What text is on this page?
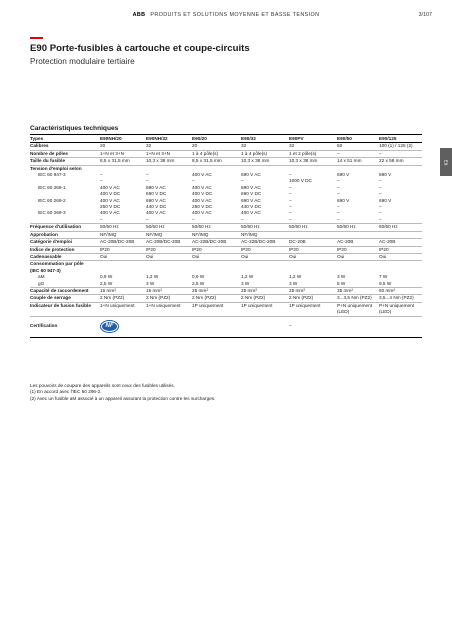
ABB PRODUITS ET SOLUTIONS MOYENNE ET BASSE TENSION	3/107
E90 Porte-fusibles à cartouche et coupe-circuits
Protection modulaire tertiaire
Caractéristiques techniques
E9
Types	E90NH/20	E90NH/32	E90/20	E90/32	E90PV	E90/50	E90/125
Calibres	20	32	20	32	32	50	100 (1) / 125 (2)
Nombre de pôles	1+N et 3+N	1+N et 3+N	1 à 4 pôle(s)	1 à 4 pôle(s)	1 et 2 pôle(s)	–	–
Taille du fusible	8,5 x 31,5 mm	10,3 x 38 mm	8,5 x 31,5 mm	10,3 x 38 mm	10,3 x 38 mm	14 x 51 mm	22 x 58 mm
Tension d'emploi selon							
IEC 60 947-3	–	–	400 V AC	690 V AC	–	690 V	690 V
	–	–	–	–	1000 V DC	–	–
IEC 60 269-1	400 V AC	690 V AC	400 V AC	690 V AC	–	–	–
	400 V DC	690 V DC	400 V DC	690 V DC	–	–	–
IEC 60 269-2	400 V AC	690 V AC	400 V AC	690 V AC	–	690 V	690 V
	250 V DC	440 V DC	250 V DC	440 V DC	–	–	–
IEC 60 269-3	400 V AC	400 V AC	400 V AC	400 V AC	–	–	–
	–	–	–	–	–	–	–
Fréquence d'utilisation	50/60 Hz	50/60 Hz	50/60 Hz	50/60 Hz	50/60 Hz	50/60 Hz	50/60 Hz
Approbation	NF/IMQ	NF/IMQ	NF/IMQ	NF/IMQ			
Catégorie d'emploi	AC-20B/DC-20B	AC-20B/DC-20B	AC-22B/DC-20B	AC-22B/DC-20B	DC-20B	AC-20B	AC-20B
Indice de protection	IP20	IP20	IP20	IP20	IP20	IP20	IP20
Cadenassable	Oui	Oui	Oui	Oui	Oui	Oui	Oui
Consommation par pôle							
(IEC 60 947-3)							
aM	0,9 W	1,2 W	0,9 W	1,2 W	1,2 W	3 W	7 W
gG	2,5 W	3 W	2,5 W	3 W	3 W	5 W	9,5 W
Capacité de raccordement	16 mm²	16 mm²	25 mm²	25 mm²	25 mm²	35 mm²	50 mm²
Couple de serrage	2 Nm (PZ2)	2 Nm (PZ2)	2 Nm (PZ2)	2 Nm (PZ2)	2 Nm (PZ2)	3...3,5 Nm (PZ2)	3,5...4 Nm (PZ2)
Indicateur de fusion fusible	1+N uniquement	1+N uniquement	1P uniquement	1P uniquement	1P uniquement	P+N uniquement	P+N uniquement
						(LED)	(LED)
Certification	NF				–		
Les pouvoirs de coupure des appareils sont ceux des fusibles utilisés.
(1) En accord avec l'IEC 60 296-2.
(2) Avec un fusible aM associé à un appareil assurant la protection contre les surcharges.
